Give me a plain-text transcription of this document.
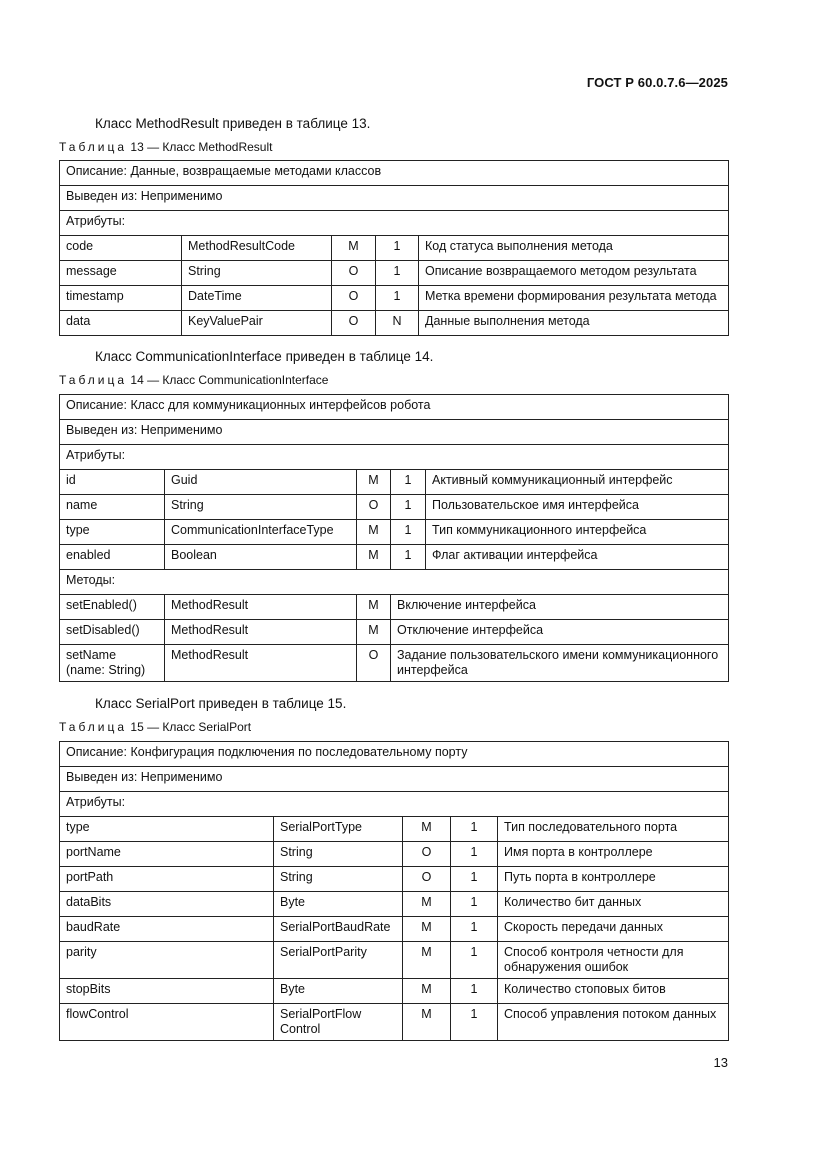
ГОСТ Р 60.0.7.6—2025
Класс MethodResult приведен в таблице 13.
Таблица 13 — Класс MethodResult
Описание: Данные, возвращаемые методами классов				
Выведен из: Неприменимо				
Атрибуты:				
code	MethodResultCode	M	1	Код статуса выполнения метода
message	String	O	1	Описание возвращаемого методом результата
timestamp	DateTime	O	1	Метка времени формирования результата метода
data	KeyValuePair	O	N	Данные выполнения метода
Класс CommunicationInterface приведен в таблице 14.
Таблица 14 — Класс CommunicationInterface
Описание: Класс для коммуникационных интерфейсов робота				
Выведен из: Неприменимо				
Атрибуты:				
id	Guid	M	1	Активный коммуникационный интерфейс
name	String	O	1	Пользовательское имя интерфейса
type	CommunicationInterfaceType	M	1	Тип коммуникационного интерфейса
enabled	Boolean	M	1	Флаг активации интерфейса
Методы:				
setEnabled()	MethodResult	M	Включение интерфейса	
setDisabled()	MethodResult	M	Отключение интерфейса	
setName
(name: String)	MethodResult	O	Задание пользовательского имени коммуникационного интерфейса	
Класс SerialPort приведен в таблице 15.
Таблица 15 — Класс SerialPort
Описание: Конфигурация подключения по последовательному порту				
Выведен из: Неприменимо				
Атрибуты:				
type	SerialPortType	M	1	Тип последовательного порта
portName	String	O	1	Имя порта в контроллере
portPath	String	O	1	Путь порта в контроллере
dataBits	Byte	M	1	Количество бит данных
baudRate	SerialPortBaudRate	M	1	Скорость передачи данных
parity	SerialPortParity	M	1	Способ контроля четности для обнаружения ошибок
stopBits	Byte	M	1	Количество стоповых битов
flowControl	SerialPortFlow Control	M	1	Способ управления потоком данных
13
